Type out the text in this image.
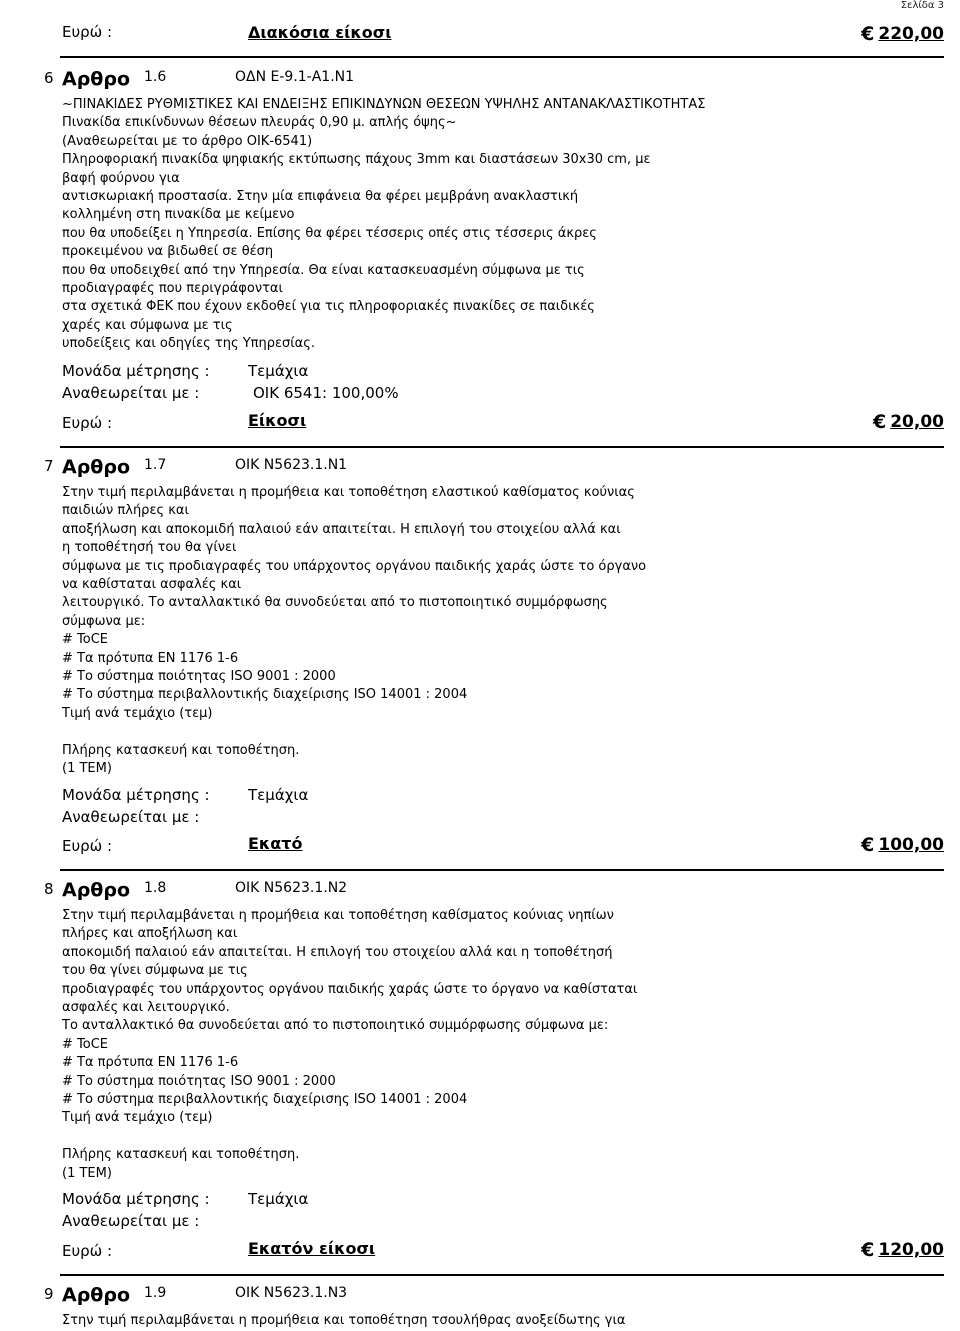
Σελίδα 3
Ευρώ :	Διακόσια είκοσι	€ 220,00
6 Αρθρο 1.6	ΟΔΝ Ε-9.1-Α1.Ν1
~ΠΙΝΑΚΙΔΕΣ ΡΥΘΜΙΣΤΙΚΕΣ ΚΑΙ ΕΝΔΕΙΞΗΣ ΕΠΙΚΙΝΔΥΝΩΝ ΘΕΣΕΩΝ ΥΨΗΛΗΣ ΑΝΤΑΝΑΚΛΑΣΤΙΚΟΤΗΤΑΣ
Πινακίδα επικίνδυνων θέσεων πλευράς 0,90 μ. απλής όψης~
(Αναθεωρείται με το άρθρο ΟΙΚ-6541)
Πληροφοριακή πινακίδα ψηφιακής εκτύπωσης πάχους 3mm και διαστάσεων 30x30 cm, με
βαφή φούρνου για
αντισκωριακή προστασία. Στην μία επιφάνεια θα φέρει μεμβράνη ανακλαστική
κολλημένη στη πινακίδα με κείμενο
που θα υποδείξει η Υπηρεσία. Επίσης θα φέρει τέσσερις οπές στις τέσσερις άκρες
προκειμένου να βιδωθεί σε θέση
που θα υποδειχθεί από την Υπηρεσία. Θα είναι κατασκευασμένη σύμφωνα με τις
προδιαγραφές που περιγράφονται
στα σχετικά ΦΕΚ που έχουν εκδοθεί για τις πληροφοριακές πινακίδες σε παιδικές
χαρές και σύμφωνα με τις
υποδείξεις και οδηγίες της Υπηρεσίας.
Μονάδα μέτρησης :	Τεμάχια
Αναθεωρείται με :	ΟΙΚ 6541: 100,00%
Ευρώ :	Είκοσι	€ 20,00
7 Αρθρο 1.7	ΟΙΚ Ν5623.1.Ν1
Στην τιμή περιλαμβάνεται η προμήθεια και τοποθέτηση ελαστικού καθίσματος κούνιας
παιδιών πλήρες και
αποξήλωση και αποκομιδή παλαιού εάν απαιτείται. Η επιλογή του στοιχείου αλλά και
η τοποθέτησή του θα γίνει
σύμφωνα με τις προδιαγραφές του υπάρχοντος οργάνου παιδικής χαράς ώστε το όργανο
να καθίσταται ασφαλές και
λειτουργικό. Το ανταλλακτικό θα συνοδεύεται από το πιστοποιητικό συμμόρφωσης
σύμφωνα με:
# ToCE
# Τα πρότυπα ΕΝ 1176 1-6
# Το σύστημα ποιότητας ISO 9001 : 2000
# Το σύστημα περιβαλλοντικής διαχείρισης ISO 14001 : 2004
Τιμή ανά τεμάχιο (τεμ)

Πλήρης κατασκευή και τοποθέτηση.
(1 ΤΕΜ)
Μονάδα μέτρησης :	Τεμάχια
Αναθεωρείται με :
Ευρώ :	Εκατό	€ 100,00
8 Αρθρο 1.8	ΟΙΚ Ν5623.1.Ν2
Στην τιμή περιλαμβάνεται η προμήθεια και τοποθέτηση καθίσματος κούνιας νηπίων
πλήρες και αποξήλωση και
αποκομιδή παλαιού εάν απαιτείται. Η επιλογή του στοιχείου αλλά και η τοποθέτησή
του θα γίνει σύμφωνα με τις
προδιαγραφές του υπάρχοντος οργάνου παιδικής χαράς ώστε το όργανο να καθίσταται
ασφαλές και λειτουργικό.
Το ανταλλακτικό θα συνοδεύεται από το πιστοποιητικό συμμόρφωσης σύμφωνα με:
# ToCE
# Τα πρότυπα ΕΝ 1176 1-6
# Το σύστημα ποιότητας ISO 9001 : 2000
# Το σύστημα περιβαλλοντικής διαχείρισης ISO 14001 : 2004
Τιμή ανά τεμάχιο (τεμ)

Πλήρης κατασκευή και τοποθέτηση.
(1 ΤΕΜ)
Μονάδα μέτρησης :	Τεμάχια
Αναθεωρείται με :
Ευρώ :	Εκατόν είκοσι	€ 120,00
9 Αρθρο 1.9	ΟΙΚ Ν5623.1.Ν3
Στην τιμή περιλαμβάνεται η προμήθεια και τοποθέτηση τσουλήθρας ανοξείδωτης για
